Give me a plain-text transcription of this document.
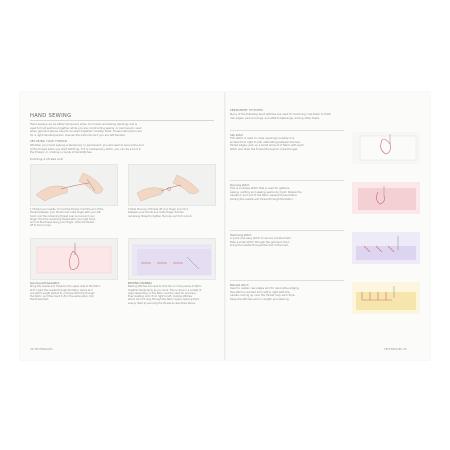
HAND SEWING
Hand sewing can be either temporary when it is known as basting (tacking) and is
used to hold sections together while you are constructing seams; or permanent, used
when garment pieces need to be sewn together invisibly. Note: These instructions are
for a right-handed person; reverse the instructions if you are left-handed.
SECURING YOUR THREAD
Whether your hand sewing is temporary or permanent, you will need to secure the end
of the thread when you start stitching. If it is a temporary stitch, you can tie a knot in
the thread; or, making a couple of backstitches.
Knotting a thread end
1 Thread your needle. To knot the thread, hold the end of the
thread between your thumb and index finger with your left
hand, and the remaining thread over and around your
finger. Hold the remaining thread with your right hand,
and roll the thread along your finger, slide the thread
off to form a loop.
2 Slide the loop of thread off your finger and roll it
between your thumb and index finger. Pull the
remaining thread to tighten the loop and form a knot.
Securing with backstitch
Bring the needle and thread to the upper side of the fabric
at B. Insert the needle through the fabric layers at A
one stitch length behind B, continue stitching through
the fabric, and then back to B in the same place. Pull
the thread taut.
BASTING (TACKING)
Basting stitches are used to hold two or more pieces of fabric
together temporarily as you work. This is done in a variety of
ways depending on the fabric and the need for accuracy.
Even basting: work from right to left, making stitches
about 1/4 inch long through the fabric layers, spacing them
evenly. Start by securing the thread as described above.
34 TECHNIQUES
PERMANENT STITCHES
Many of the following hand stitches are used for hemming. Use them to finish
raw edges, secure linings, and attach fastenings, among other tasks.
Slip stitch
This stitch is used to close openings invisibly. It is
worked from right to left, alternating between the two
folded edges; pick up a small amount of fabric with each
stitch and draw the thread through to close the gap.
Running stitch
This is a simple stitch that is used for gathers,
easing, quilting and sewing seams by hand. Weave the
needle in and out of the fabric several times before
pulling the needle and thread through the fabric.
Hemming stitch
A quick and easy stitch to secure a folded hem.
Take a small stitch through the garment, then
bring the needle through the fold of the hem.
Blanket stitch
Used to neaten raw edges and for decorative edging,
this stitch is worked from left to right with the
needle coming up over the thread loop each time.
Keep the stitches even in length and spacing.
TECHNIQUES 35
